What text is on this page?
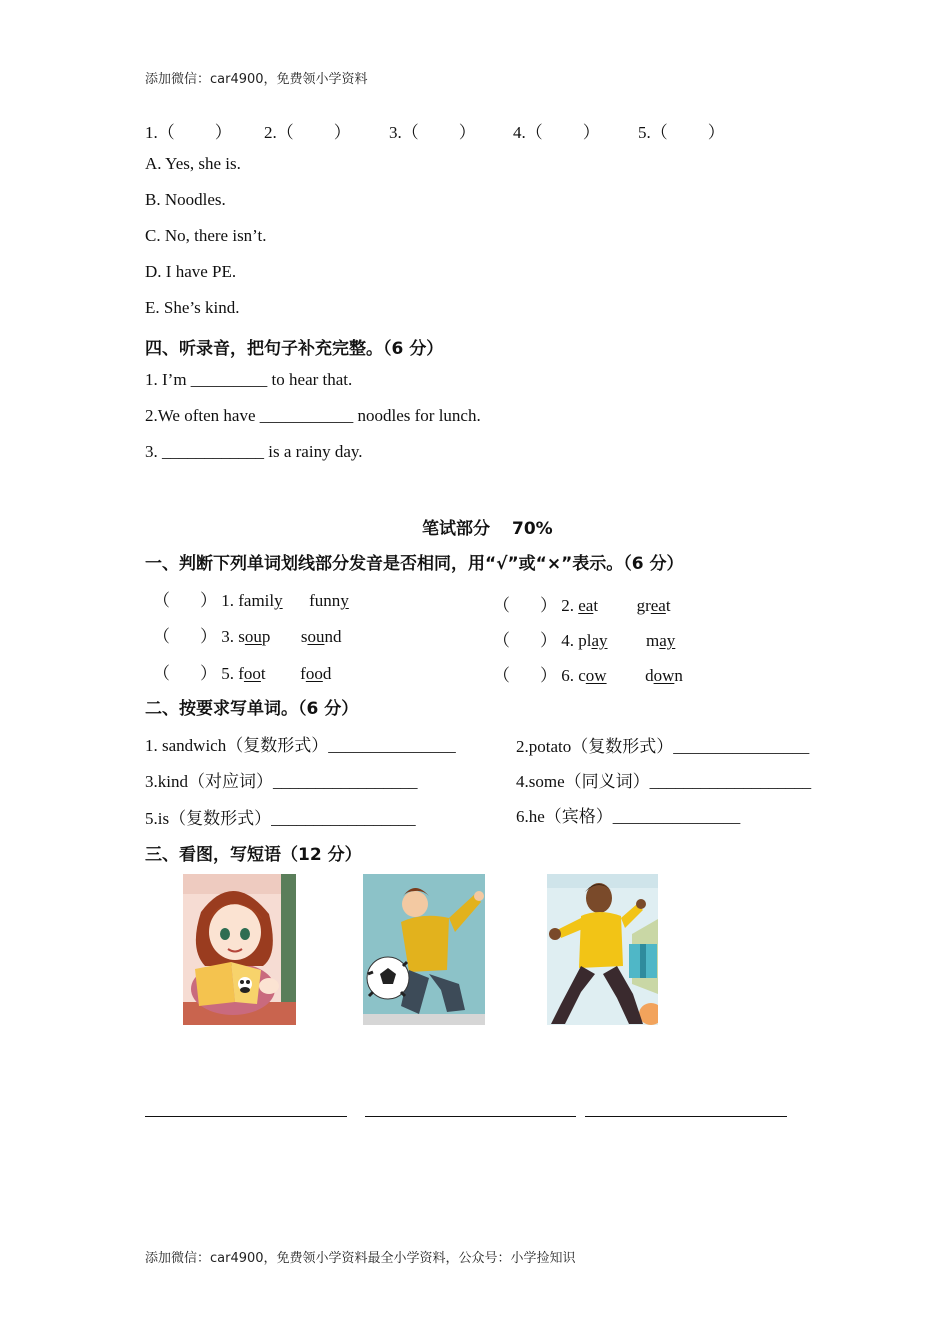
添加微信：car4900，免费领小学资料
1.（ ） 2.（ ） 3.（ ） 4.（ ） 5.（ ）
A. Yes, she is.
B. Noodles.
C. No, there isn’t.
D. I have PE.
E. She’s kind.
四、听录音，把句子补充完整。（6 分）
1. I’m _________ to hear that.
2.We often have ___________ noodles for lunch.
3. ____________ is a rainy day.
笔试部分 70%
一、判断下列单词划线部分发音是否相同，用“√”或“×”表示。（6 分）
（ ） 1. family funny	（ ） 2. eat great
（ ） 3. soup sound	（ ） 4. play may
（ ） 5. foot food	（ ） 6. cow down
二、按要求写单词。（6 分）
1. sandwich（复数形式）_______________	2.potato（复数形式）________________
3.kind（对应词）_________________	4.some（同义词）___________________
5.is（复数形式）_________________	6.he（宾格）_______________
三、看图，写短语（12 分）
添加微信：car4900，免费领小学资料最全小学资料，公众号：小学捡知识
